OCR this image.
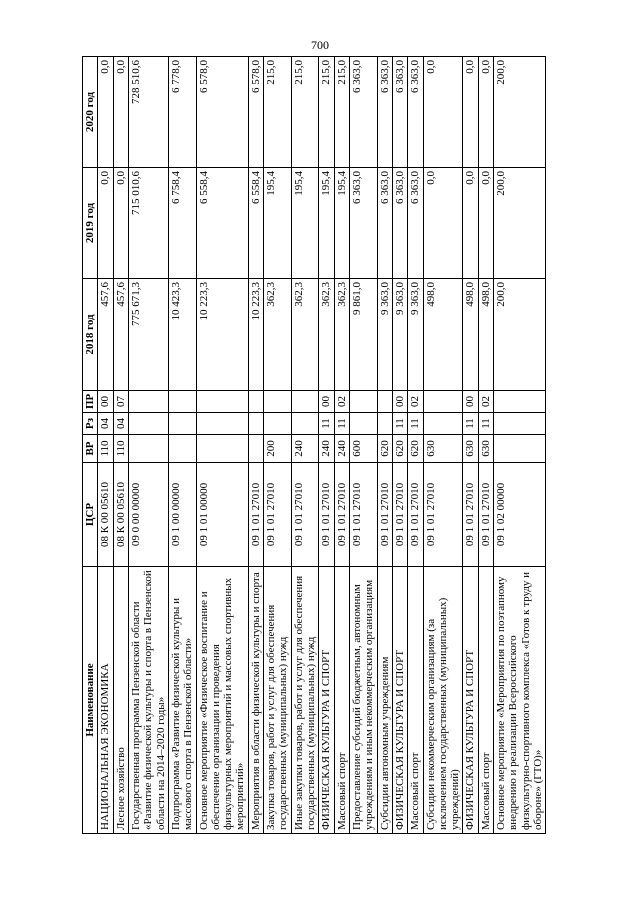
700
Наименование	ЦСР	ВР	Рз	ПР	2018 год	2019 год	2020 год
НАЦИОНАЛЬНАЯ ЭКОНОМИКА	08 К 00 05610	110	04	00	457,6	0,0	0,0
Лесное хозяйство	08 К 00 05610	110	04	07	457,6	0,0	0,0
Государственная программа Пензенской области «Развитие физической культуры и спорта в Пензенской области на 2014–2020 годы»	09 0 00 00000				775 671,3	715 010,6	728 510,6
Подпрограмма «Развитие физической культуры и массового спорта в Пензенской области»	09 1 00 00000				10 423,3	6 758,4	6 778,0
Основное мероприятие «Физическое воспитание и обеспечение организации и проведения физкультурных мероприятий и массовых спортивных мероприятий»	09 1 01 00000				10 223,3	6 558,4	6 578,0
Мероприятия в области физической культуры и спорта	09 1 01 27010				10 223,3	6 558,4	6 578,0
Закупка товаров, работ и услуг для обеспечения государственных (муниципальных) нужд	09 1 01 27010	200			362,3	195,4	215,0
Иные закупки товаров, работ и услуг для обеспечения государственных (муниципальных) нужд	09 1 01 27010	240			362,3	195,4	215,0
ФИЗИЧЕСКАЯ КУЛЬТУРА И СПОРТ	09 1 01 27010	240	11	00	362,3	195,4	215,0
Массовый спорт	09 1 01 27010	240	11	02	362,3	195,4	215,0
Предоставление субсидий бюджетным, автономным учреждениям и иным некоммерческим организациям	09 1 01 27010	600			9 861,0	6 363,0	6 363,0
Субсидии автономным учреждениям	09 1 01 27010	620			9 363,0	6 363,0	6 363,0
ФИЗИЧЕСКАЯ КУЛЬТУРА И СПОРТ	09 1 01 27010	620	11	00	9 363,0	6 363,0	6 363,0
Массовый спорт	09 1 01 27010	620	11	02	9 363,0	6 363,0	6 363,0
Субсидии некоммерческим организациям (за исключением государственных (муниципальных) учреждений)	09 1 01 27010	630			498,0	0,0	0,0
ФИЗИЧЕСКАЯ КУЛЬТУРА И СПОРТ	09 1 01 27010	630	11	00	498,0	0,0	0,0
Массовый спорт	09 1 01 27010	630	11	02	498,0	0,0	0,0
Основное мероприятие «Мероприятия по поэтапному внедрению и реализации Всероссийского физкультурно-спортивного комплекса «Готов к труду и обороне» (ГТО)»	09 1 02 00000				200,0	200,0	200,0
